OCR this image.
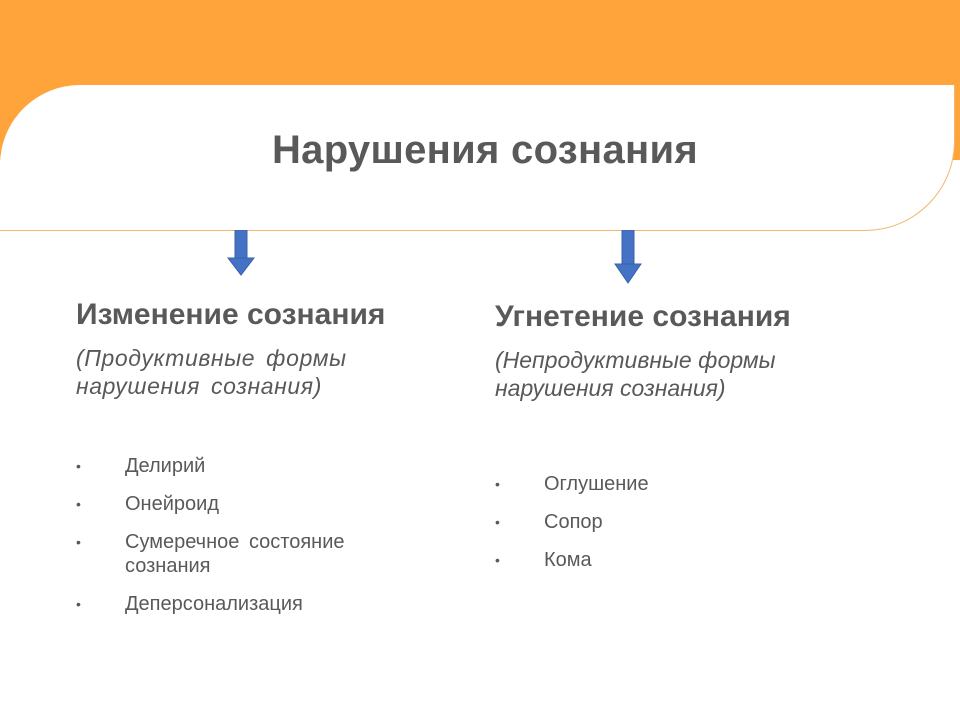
Нарушения сознания
Изменение сознания

(Продуктивные формы нарушения сознания)

• Делирий
• Онейроид
• Сумеречное состояние сознания
• Деперсонализация
Угнетение сознания

(Непродуктивные формы нарушения сознания)

• Оглушение
• Сопор
• Кома
